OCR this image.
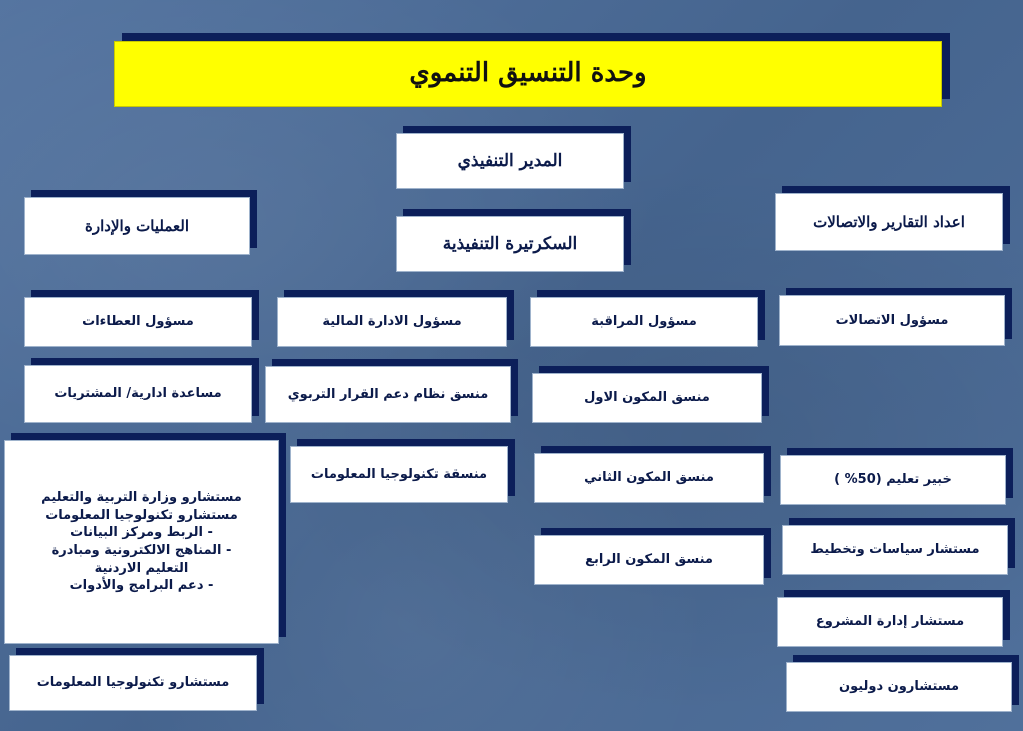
وحدة التنسيق التنموي
المدير التنفيذي
السكرتيرة التنفيذية
العمليات والإدارة	اعداد التقارير والاتصالات
مسؤول العطاءات	مسؤول الادارة المالية	مسؤول المراقبة	مسؤول الاتصالات
مساعدة ادارية/ المشتريات	منسق نظام دعم القرار التربوي	منسق المكون الاول
مستشارو وزارة التربية والتعليم
مستشارو تكنولوجيا المعلومات
- الربط ومركز البيانات
- المناهج الالكترونية ومبادرة
التعليم الاردنية
- دعم البرامج والأدوات
منسقة تكنولوجيا المعلومات	منسق المكون الثاني
منسق المكون الرابع
خبير تعليم (50% )
مستشار سياسات وتخطيط
مستشار إدارة المشروع
مستشارون دوليون
مستشارو تكنولوجيا المعلومات
